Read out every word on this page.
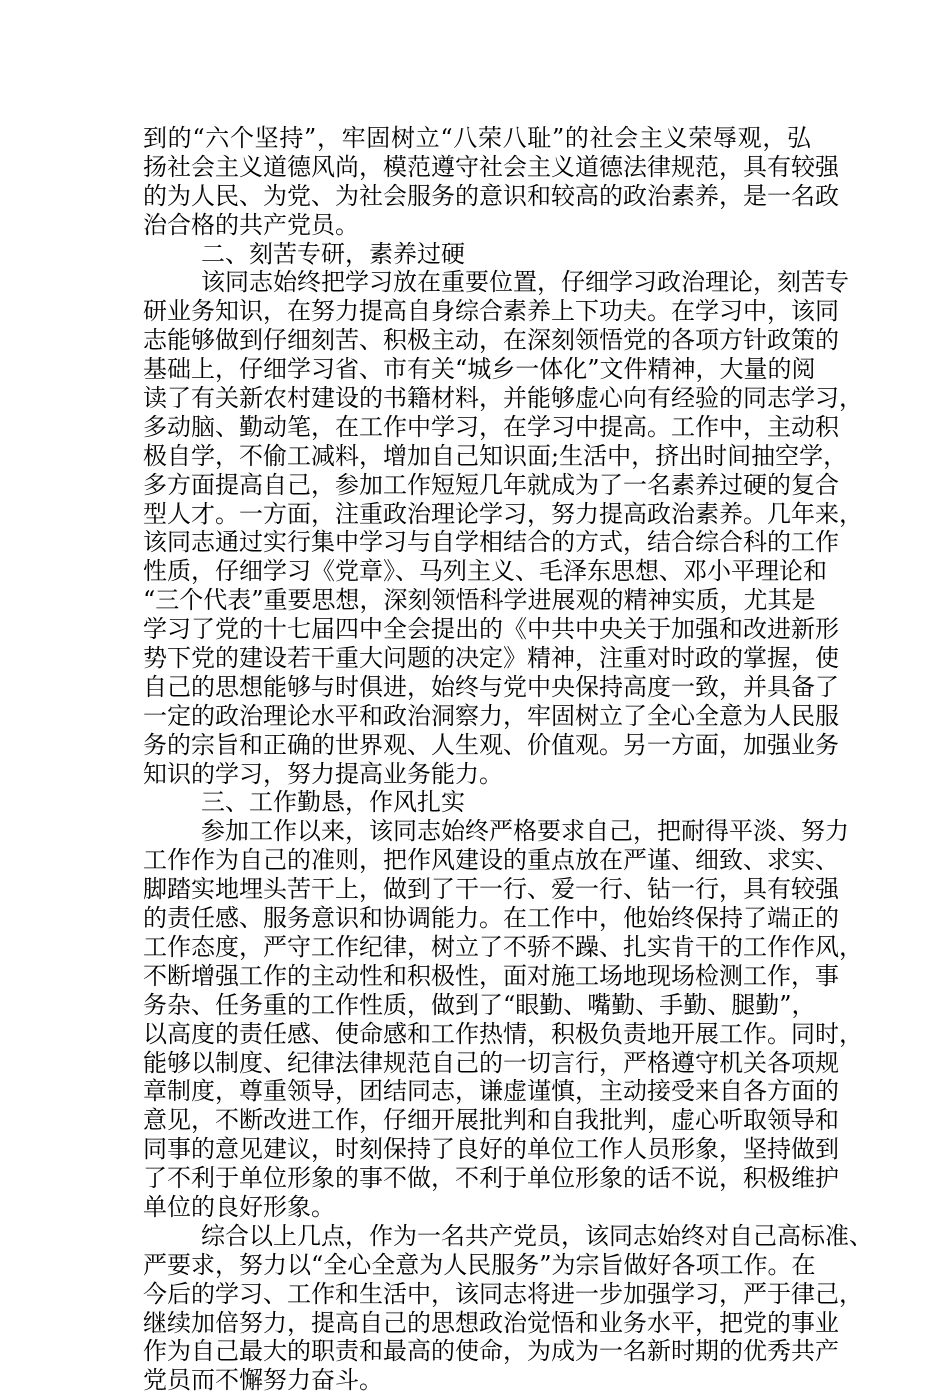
到的“六个坚持”，牢固树立“八荣八耻”的社会主义荣辱观，弘
扬社会主义道德风尚，模范遵守社会主义道德法律规范，具有较强
的为人民、为党、为社会服务的意识和较高的政治素养，是一名政
治合格的共产党员。
二、刻苦专研，素养过硬
该同志始终把学习放在重要位置，仔细学习政治理论，刻苦专
研业务知识，在努力提高自身综合素养上下功夫。在学习中，该同
志能够做到仔细刻苦、积极主动，在深刻领悟党的各项方针政策的
基础上，仔细学习省、市有关“城乡一体化”文件精神，大量的阅
读了有关新农村建设的书籍材料，并能够虚心向有经验的同志学习，
多动脑、勤动笔，在工作中学习，在学习中提高。工作中，主动积
极自学，不偷工减料，增加自己知识面;生活中，挤出时间抽空学，
多方面提高自己，参加工作短短几年就成为了一名素养过硬的复合
型人才。一方面，注重政治理论学习，努力提高政治素养。几年来，
该同志通过实行集中学习与自学相结合的方式，结合综合科的工作
性质，仔细学习《党章》、马列主义、毛泽东思想、邓小平理论和
“三个代表”重要思想，深刻领悟科学进展观的精神实质，尤其是
学习了党的十七届四中全会提出的《中共中央关于加强和改进新形
势下党的建设若干重大问题的决定》精神，注重对时政的掌握，使
自己的思想能够与时俱进，始终与党中央保持高度一致，并具备了
一定的政治理论水平和政治洞察力，牢固树立了全心全意为人民服
务的宗旨和正确的世界观、人生观、价值观。另一方面，加强业务
知识的学习，努力提高业务能力。
三、工作勤恳，作风扎实
参加工作以来，该同志始终严格要求自己，把耐得平淡、努力
工作作为自己的准则，把作风建设的重点放在严谨、细致、求实、
脚踏实地埋头苦干上，做到了干一行、爱一行、钻一行，具有较强
的责任感、服务意识和协调能力。在工作中，他始终保持了端正的
工作态度，严守工作纪律，树立了不骄不躁、扎实肯干的工作作风，
不断增强工作的主动性和积极性，面对施工场地现场检测工作，事
务杂、任务重的工作性质，做到了“眼勤、嘴勤、手勤、腿勤”，
以高度的责任感、使命感和工作热情，积极负责地开展工作。同时，
能够以制度、纪律法律规范自己的一切言行，严格遵守机关各项规
章制度，尊重领导，团结同志，谦虚谨慎，主动接受来自各方面的
意见，不断改进工作，仔细开展批判和自我批判，虚心听取领导和
同事的意见建议，时刻保持了良好的单位工作人员形象，坚持做到
了不利于单位形象的事不做，不利于单位形象的话不说，积极维护
单位的良好形象。
综合以上几点，作为一名共产党员，该同志始终对自己高标准、
严要求，努力以“全心全意为人民服务”为宗旨做好各项工作。在
今后的学习、工作和生活中，该同志将进一步加强学习，严于律己，
继续加倍努力，提高自己的思想政治觉悟和业务水平，把党的事业
作为自己最大的职责和最高的使命，为成为一名新时期的优秀共产
党员而不懈努力奋斗。
